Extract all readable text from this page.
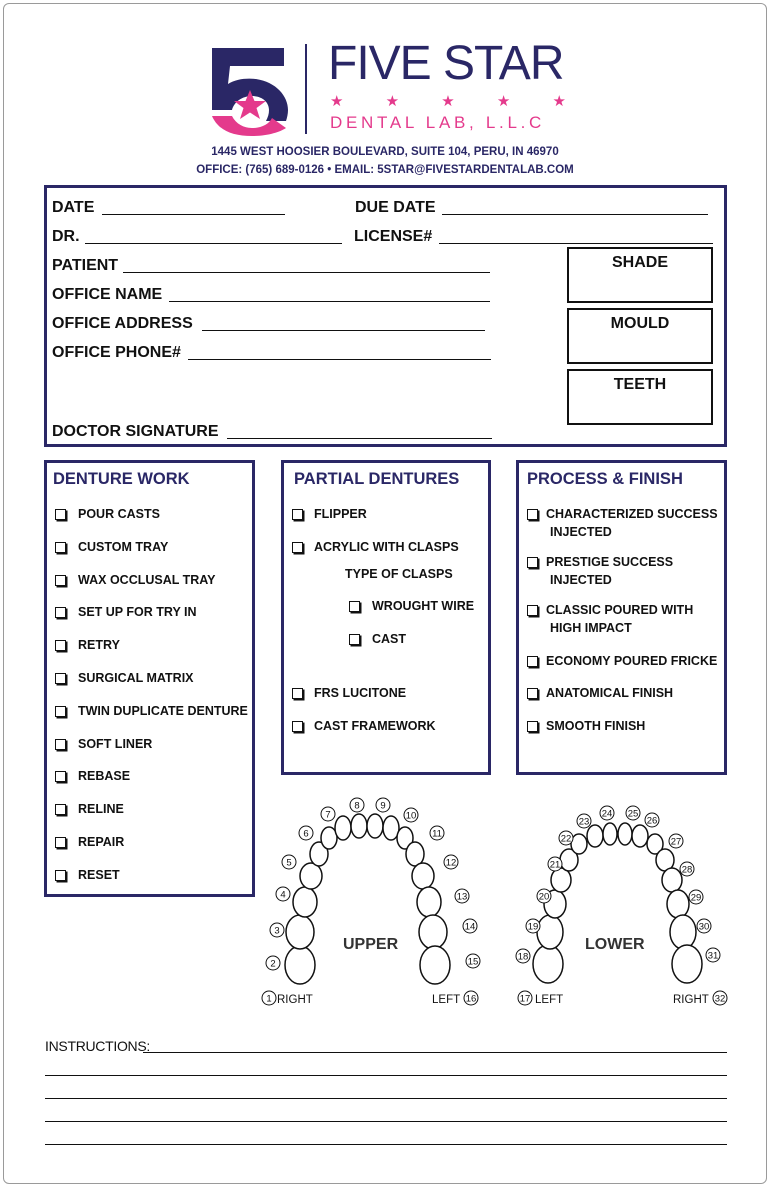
FIVE STAR
★	★	★	★	★
DENTAL LAB, L.L.C
1445 WEST HOOSIER BOULEVARD, SUITE 104, PERU, IN 46970
OFFICE: (765) 689-0126 • EMAIL: 5STAR@FIVESTARDENTALAB.COM
DATE	DUE DATE
DR.	LICENSE#
PATIENT
OFFICE NAME
OFFICE ADDRESS
OFFICE PHONE#
DOCTOR SIGNATURE
SHADE
MOULD
TEETH
DENTURE WORK
POUR CASTS
CUSTOM TRAY
WAX OCCLUSAL TRAY
SET UP FOR TRY IN
RETRY
SURGICAL MATRIX
TWIN DUPLICATE DENTURE
SOFT LINER
REBASE
RELINE
REPAIR
RESET
PARTIAL DENTURES
FLIPPER
ACRYLIC WITH CLASPS
TYPE OF CLASPS
WROUGHT WIRE
CAST
FRS LUCITONE
CAST FRAMEWORK
PROCESS & FINISH
CHARACTERIZED SUCCESS
INJECTED
PRESTIGE SUCCESS
INJECTED
CLASSIC POURED WITH
HIGH IMPACT
ECONOMY POURED FRICKE
ANATOMICAL FINISH
SMOOTH FINISH
UPPER	LOWER
RIGHT	LEFT	LEFT	RIGHT
1
2
3
4
5
6
7
8 9
10
11
12
13
14
15
16	17
18
19
20
21
22
23
24 25
26
27
28
29
30
31
32
INSTRUCTIONS:
